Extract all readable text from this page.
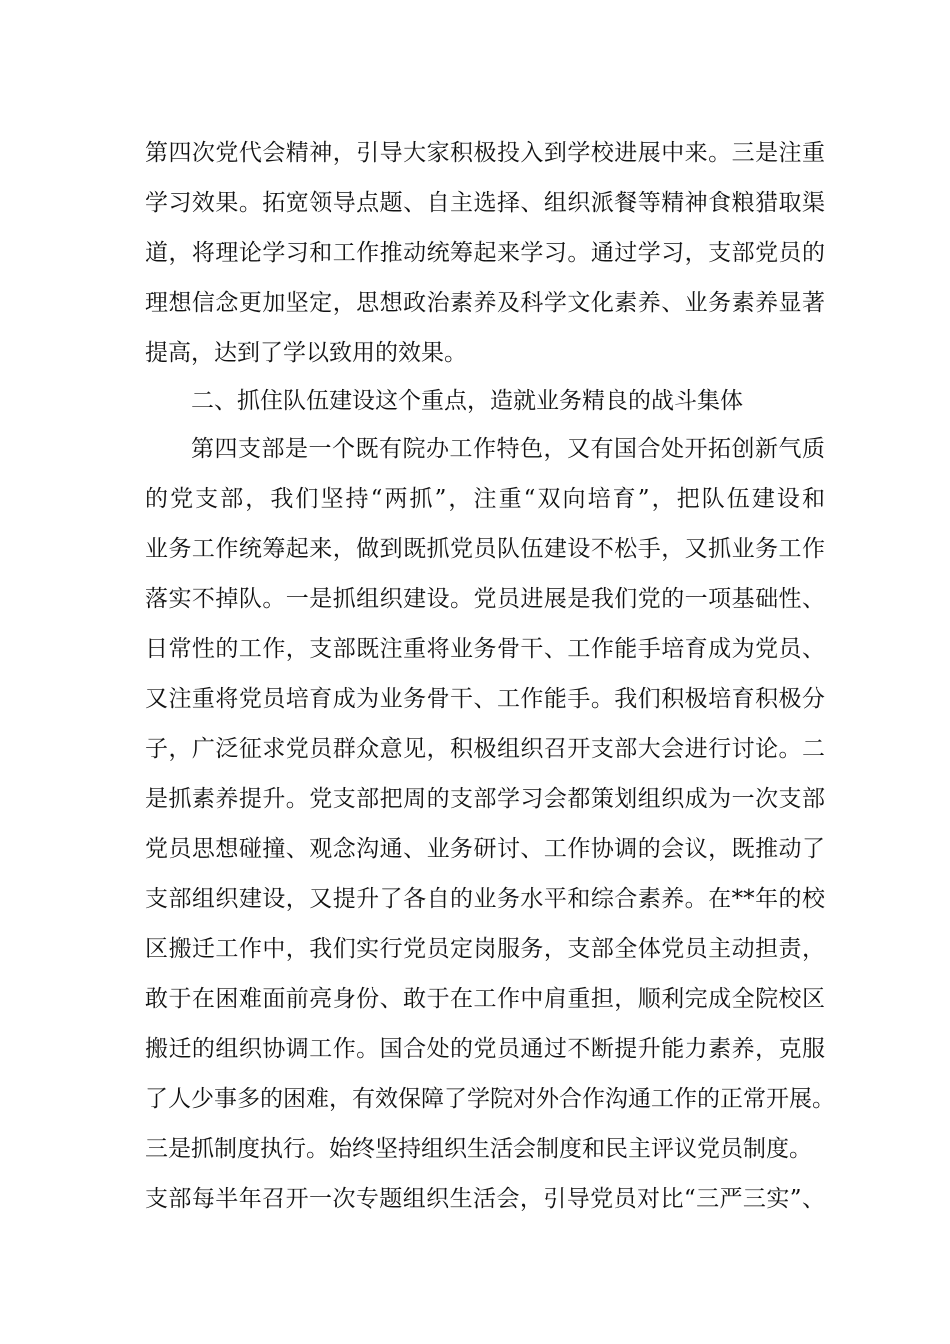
第四次党代会精神，引导大家积极投入到学校进展中来。三是注重
学习效果。拓宽领导点题、自主选择、组织派餐等精神食粮猎取渠
道，将理论学习和工作推动统筹起来学习。通过学习，支部党员的
理想信念更加坚定，思想政治素养及科学文化素养、业务素养显著
提高，达到了学以致用的效果。
二、抓住队伍建设这个重点，造就业务精良的战斗集体
第四支部是一个既有院办工作特色，又有国合处开拓创新气质
的党支部，我们坚持“两抓”，注重“双向培育”，把队伍建设和
业务工作统筹起来，做到既抓党员队伍建设不松手，又抓业务工作
落实不掉队。一是抓组织建设。党员进展是我们党的一项基础性、
日常性的工作，支部既注重将业务骨干、工作能手培育成为党员、
又注重将党员培育成为业务骨干、工作能手。我们积极培育积极分
子，广泛征求党员群众意见，积极组织召开支部大会进行讨论。二
是抓素养提升。党支部把周的支部学习会都策划组织成为一次支部
党员思想碰撞、观念沟通、业务研讨、工作协调的会议，既推动了
支部组织建设，又提升了各自的业务水平和综合素养。在**年的校
区搬迁工作中，我们实行党员定岗服务，支部全体党员主动担责，
敢于在困难面前亮身份、敢于在工作中肩重担，顺利完成全院校区
搬迁的组织协调工作。国合处的党员通过不断提升能力素养，克服
了人少事多的困难，有效保障了学院对外合作沟通工作的正常开展。
三是抓制度执行。始终坚持组织生活会制度和民主评议党员制度。
支部每半年召开一次专题组织生活会，引导党员对比“三严三实”、
